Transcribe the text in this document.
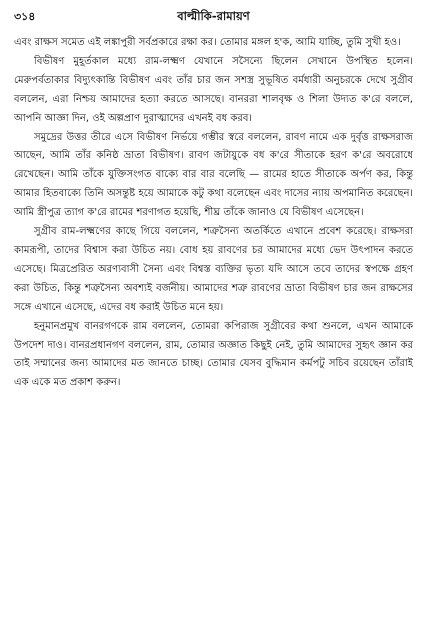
৩১৪	বাল্মীকি-রামায়ণ

এবং রাক্ষস সমেত এই লঙ্কাপুরী সর্বপ্রকারে রক্ষা কর। তোমার মঙ্গল হ'ক, আমি যাচ্ছি, তুমি সুখী হও।

বিভীষণ মুহূর্তকাল মধ্যে রাম-লক্ষ্মণ যেখানে সসৈন্যে ছিলেন সেখানে উপস্থিত হলেন। মেরুপর্বতাকার বিদ্যুৎকান্তি বিভীষণ এবং তাঁর চার জন সশস্ত্র সুভূষিত বর্মধারী অনুচরকে দেখে সুগ্রীব বললেন, এরা নিশ্চয় আমাদের হত্যা করতে আসছে। বানররা শালবৃক্ষ ও শিলা উদ্যত ক'রে বললে, আপনি আজ্ঞা দিন, ওই অল্পপ্রাণ দুরাত্মাদের এখনই বধ করব।

সমুদ্রের উত্তর তীরে এসে বিভীষণ নির্ভয়ে গম্ভীর স্বরে বললেন, রাবণ নামে এক দুর্বৃত্ত রাক্ষসরাজ আছেন, আমি তাঁর কনিষ্ঠ ভ্রাতা বিভীষণ। রাবণ জটায়ুকে বধ ক'রে সীতাকে হরণ ক'রে অবরোধে রেখেছেন। আমি তাঁকে যুক্তিসংগত বাক্যে বার বার বলেছি — রামের হাতে সীতাকে অর্পণ কর, কিন্তু আমার হিতবাক্যে তিনি অসন্তুষ্ট হয়ে আমাকে কটু কথা বলেছেন এবং দাসের ন্যায় অপমানিত করেছেন। আমি স্ত্রীপুত্র ত্যাগ ক'রে রামের শরণাগত হয়েছি, শীঘ্র তাঁকে জানাও যে বিভীষণ এসেছেন।

সুগ্রীব রাম-লক্ষ্মণের কাছে গিয়ে বললেন, শত্রুসৈন্য অতর্কিতে এখানে প্রবেশ করেছে। রাক্ষসরা কামরূপী, তাদের বিশ্বাস করা উচিত নয়। বোধ হয় রাবণের চর আমাদের মধ্যে ভেদ উৎপাদন করতে এসেছে। মিত্রপ্রেরিত অরণ্যবাসী সৈন্য এবং বিশ্বস্ত ব্যক্তির ভৃত্য যদি আসে তবে তাদের স্বপক্ষে গ্রহণ করা উচিত, কিন্তু শত্রুসৈন্য অবশ্যই বর্জনীয়। আমাদের শত্রু রাবণের ভ্রাতা বিভীষণ চার জন রাক্ষসের সঙ্গে এখানে এসেছে, এদের বধ করাই উচিত মনে হয়।

হনুমানপ্রমুখ বানরগণকে রাম বললেন, তোমরা কপিরাজ সুগ্রীবের কথা শুনলে, এখন আমাকে উপদেশ দাও। বানরপ্রধানগণ বললেন, রাম, তোমার অজ্ঞাত কিছুই নেই, তুমি আমাদের সুহৃৎ জ্ঞান কর তাই সম্মানের জন্য আমাদের মত জানতে চাচ্ছ। তোমার যেসব বুদ্ধিমান কর্মপটু সচিব রয়েছেন তাঁরাই এক একে মত প্রকাশ করুন।
